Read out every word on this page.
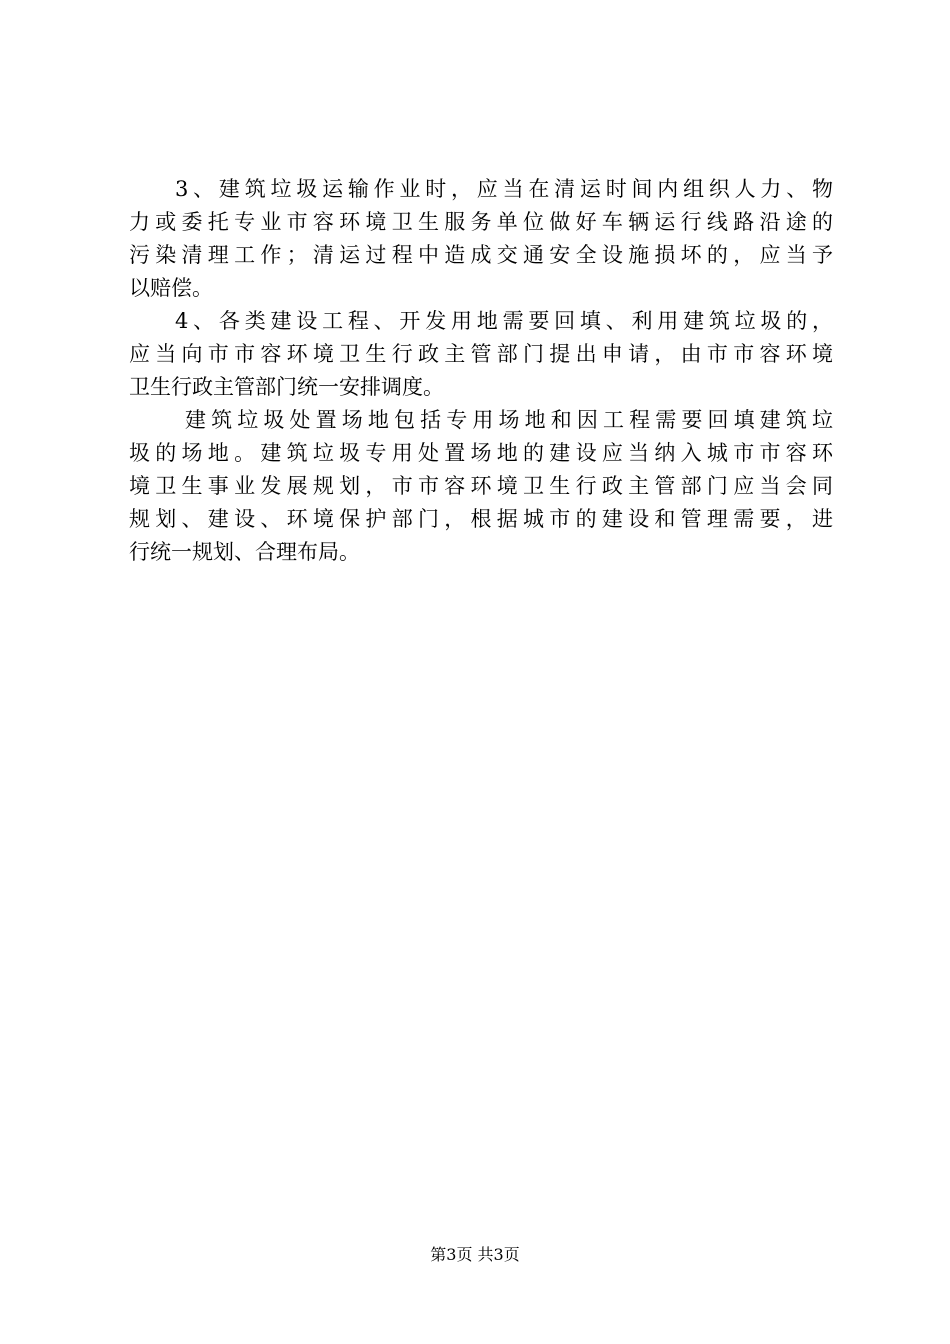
3、建筑垃圾运输作业时，应当在清运时间内组织人力、物
力或委托专业市容环境卫生服务单位做好车辆运行线路沿途的
污染清理工作；清运过程中造成交通安全设施损坏的，应当予
以赔偿。
4、各类建设工程、开发用地需要回填、利用建筑垃圾的，
应当向市市容环境卫生行政主管部门提出申请，由市市容环境
卫生行政主管部门统一安排调度。
建筑垃圾处置场地包括专用场地和因工程需要回填建筑垃
圾的场地。建筑垃圾专用处置场地的建设应当纳入城市市容环
境卫生事业发展规划，市市容环境卫生行政主管部门应当会同
规划、建设、环境保护部门，根据城市的建设和管理需要，进
行统一规划、合理布局。
第3页 共3页
